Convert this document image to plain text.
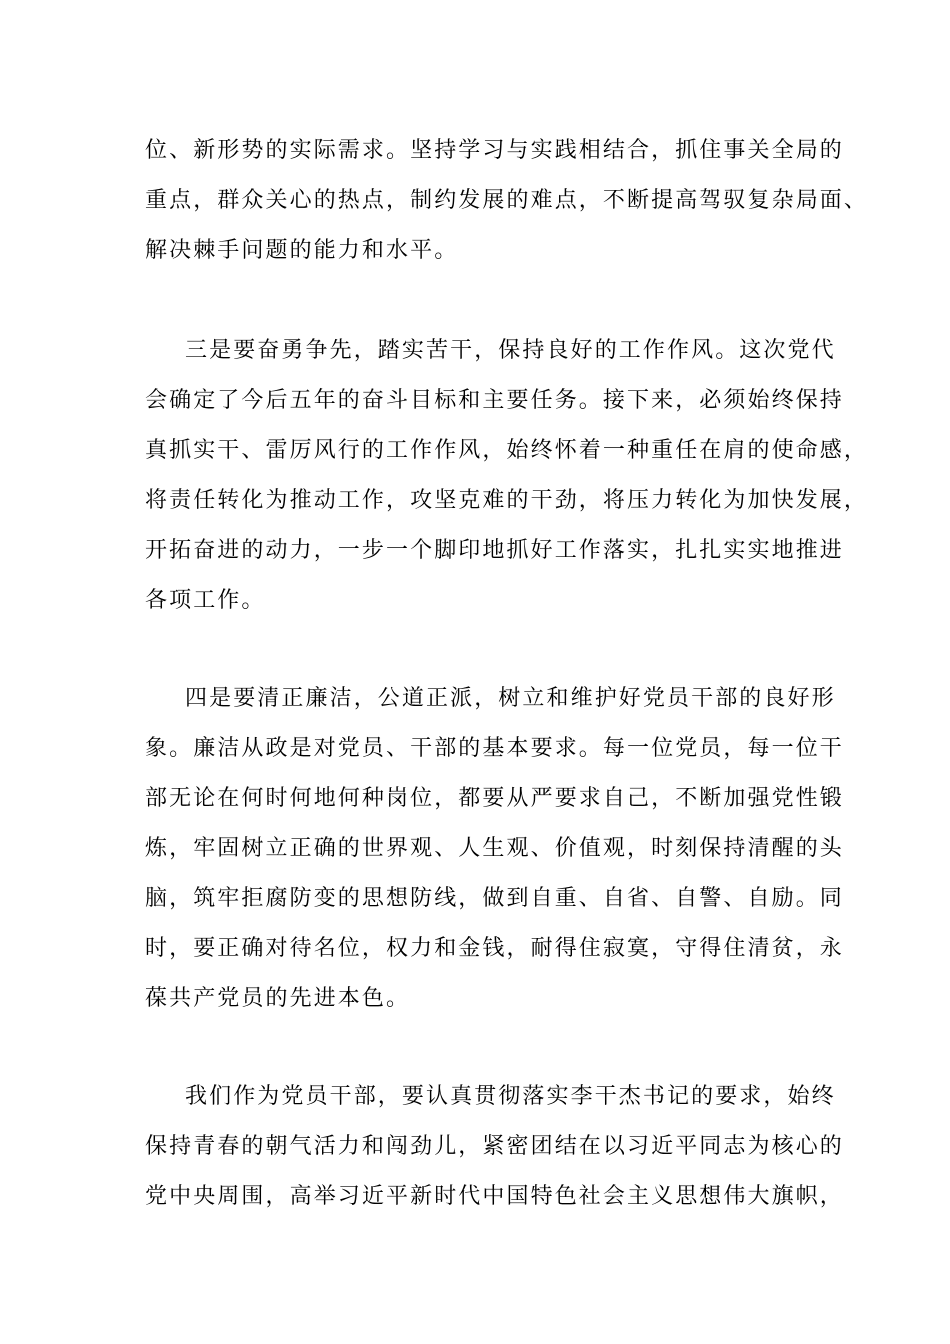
位、新形势的实际需求。坚持学习与实践相结合，抓住事关全局的
重点，群众关心的热点，制约发展的难点，不断提高驾驭复杂局面、
解决棘手问题的能力和水平。
三是要奋勇争先，踏实苦干，保持良好的工作作风。这次党代
会确定了今后五年的奋斗目标和主要任务。接下来，必须始终保持
真抓实干、雷厉风行的工作作风，始终怀着一种重任在肩的使命感，
将责任转化为推动工作，攻坚克难的干劲，将压力转化为加快发展，
开拓奋进的动力，一步一个脚印地抓好工作落实，扎扎实实地推进
各项工作。
四是要清正廉洁，公道正派，树立和维护好党员干部的良好形
象。廉洁从政是对党员、干部的基本要求。每一位党员，每一位干
部无论在何时何地何种岗位，都要从严要求自己，不断加强党性锻
炼，牢固树立正确的世界观、人生观、价值观，时刻保持清醒的头
脑，筑牢拒腐防变的思想防线，做到自重、自省、自警、自励。同
时，要正确对待名位，权力和金钱，耐得住寂寞，守得住清贫，永
葆共产党员的先进本色。
我们作为党员干部，要认真贯彻落实李干杰书记的要求，始终
保持青春的朝气活力和闯劲儿，紧密团结在以习近平同志为核心的
党中央周围，高举习近平新时代中国特色社会主义思想伟大旗帜，
